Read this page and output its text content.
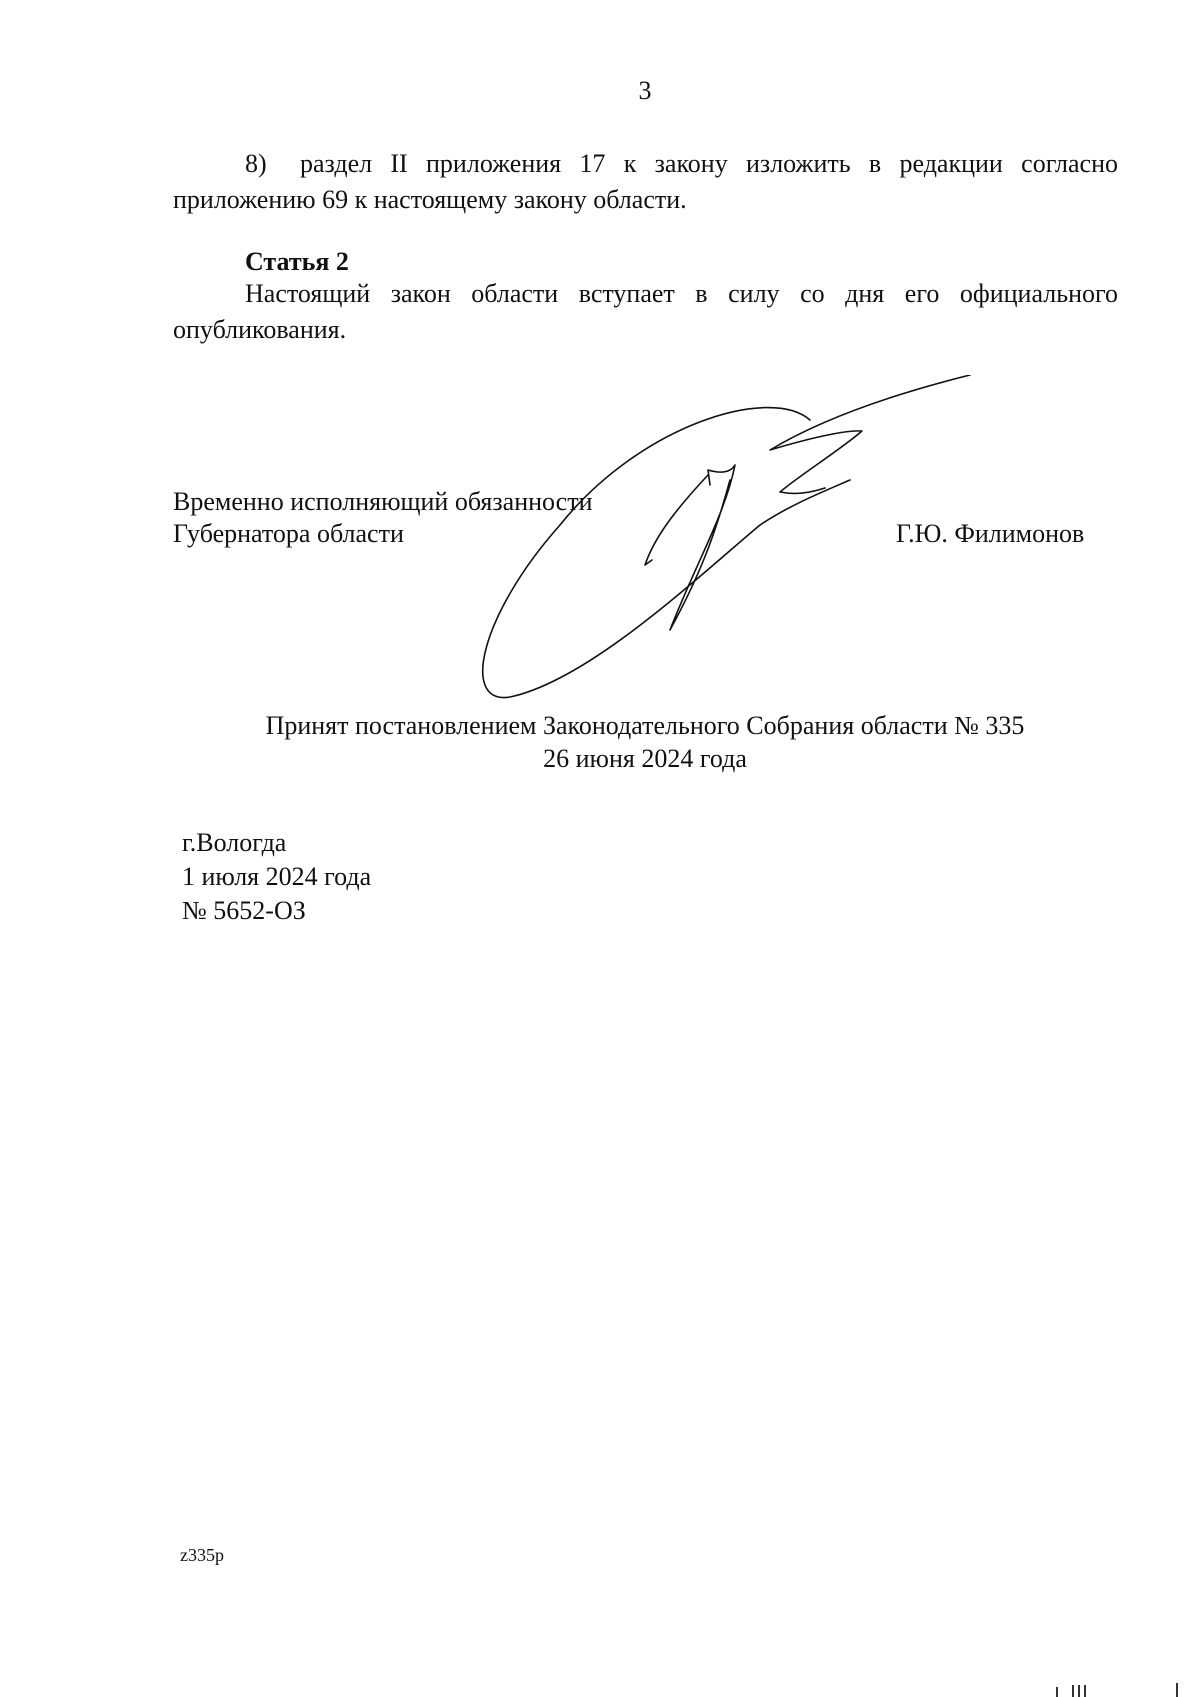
3
8) раздел II приложения 17 к закону изложить в редакции согласно приложению 69 к настоящему закону области.
Статья 2
Настоящий закон области вступает в силу со дня его официального опубликования.
Временно исполняющий обязанности
Губернатора области	Г.Ю. Филимонов
Принят постановлением Законодательного Собрания области № 335
26 июня 2024 года
г.Вологда
1 июля 2024 года
№ 5652-ОЗ
z335p
